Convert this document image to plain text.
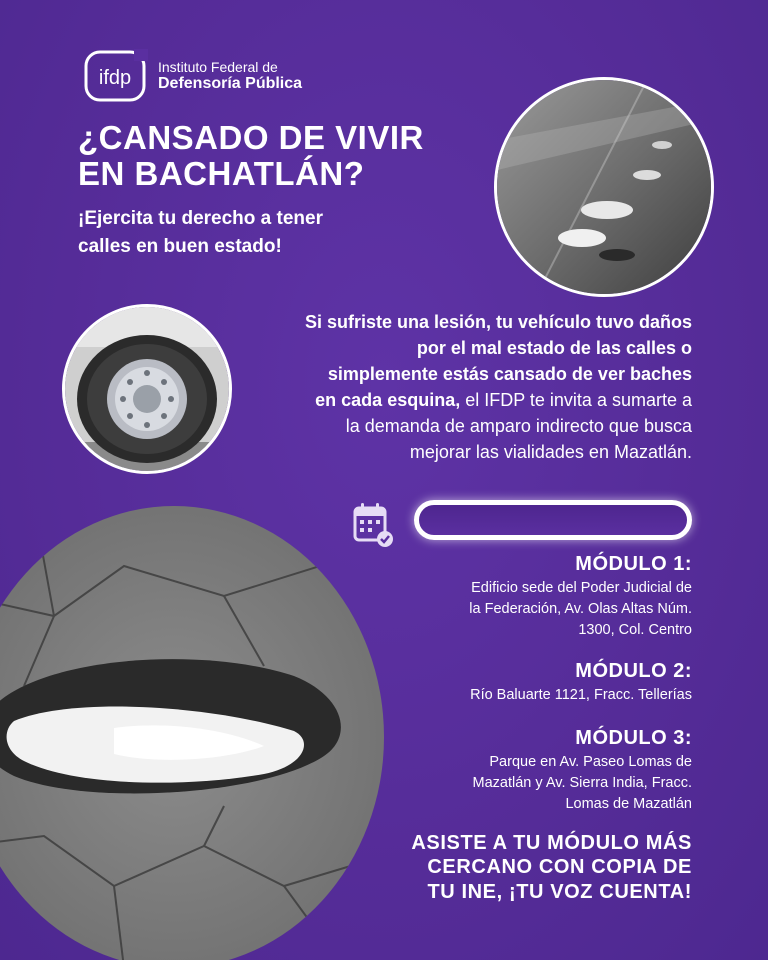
ifdp
Instituto Federal de
Defensoría Pública
¿CANSADO DE VIVIR
EN BACHATLÁN?

¡Ejercita tu derecho a tener
calles en buen estado!

Si sufriste una lesión, tu vehículo tuvo daños
por el mal estado de las calles o
simplemente estás cansado de ver baches
en cada esquina, el IFDP te invita a sumarte a
la demanda de amparo indirecto que busca
mejorar las vialidades en Mazatlán.

MÓDULO 1:

Edificio sede del Poder Judicial de
la Federación, Av. Olas Altas Núm.
1300, Col. Centro

MÓDULO 2:

Río Baluarte 1121, Fracc. Tellerías

MÓDULO 3:

Parque en Av. Paseo Lomas de
Mazatlán y Av. Sierra India, Fracc.
Lomas de Mazatlán

ASISTE A TU MÓDULO MÁS
CERCANO CON COPIA DE
TU INE, ¡TU VOZ CUENTA!
